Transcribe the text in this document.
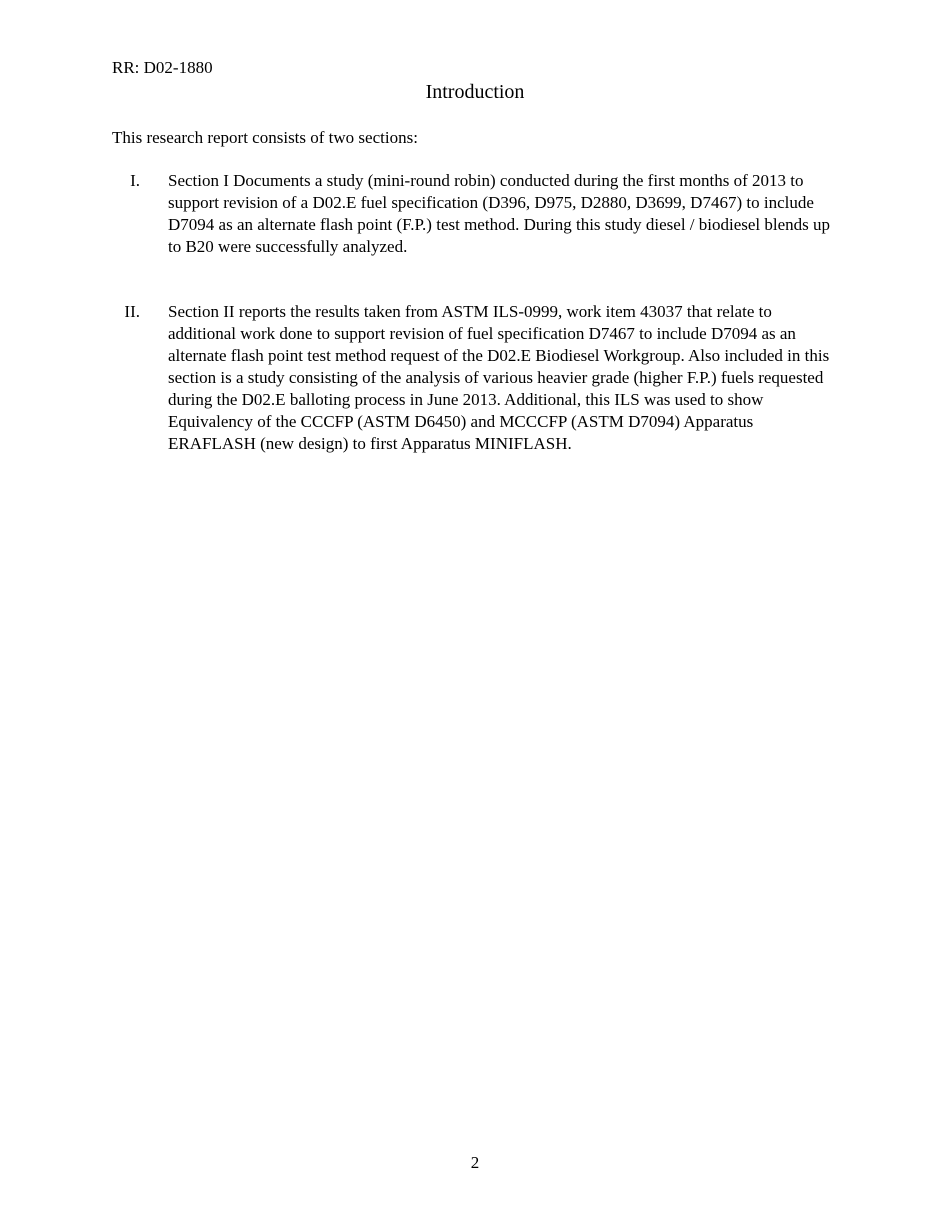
RR: D02-1880
Introduction
This research report consists of two sections:
I. Section I Documents a study (mini-round robin) conducted during the first months of 2013 to support revision of a D02.E fuel specification (D396, D975, D2880, D3699, D7467) to include D7094 as an alternate flash point (F.P.) test method. During this study diesel / biodiesel blends up to B20 were successfully analyzed.
II. Section II reports the results taken from ASTM ILS-0999, work item 43037 that relate to additional work done to support revision of fuel specification D7467 to include D7094 as an alternate flash point test method request of the D02.E Biodiesel Workgroup. Also included in this section is a study consisting of the analysis of various heavier grade (higher F.P.) fuels requested during the D02.E balloting process in June 2013. Additional, this ILS was used to show Equivalency of the CCCFP (ASTM D6450) and MCCCFP (ASTM D7094) Apparatus ERAFLASH (new design) to first Apparatus MINIFLASH.
2
